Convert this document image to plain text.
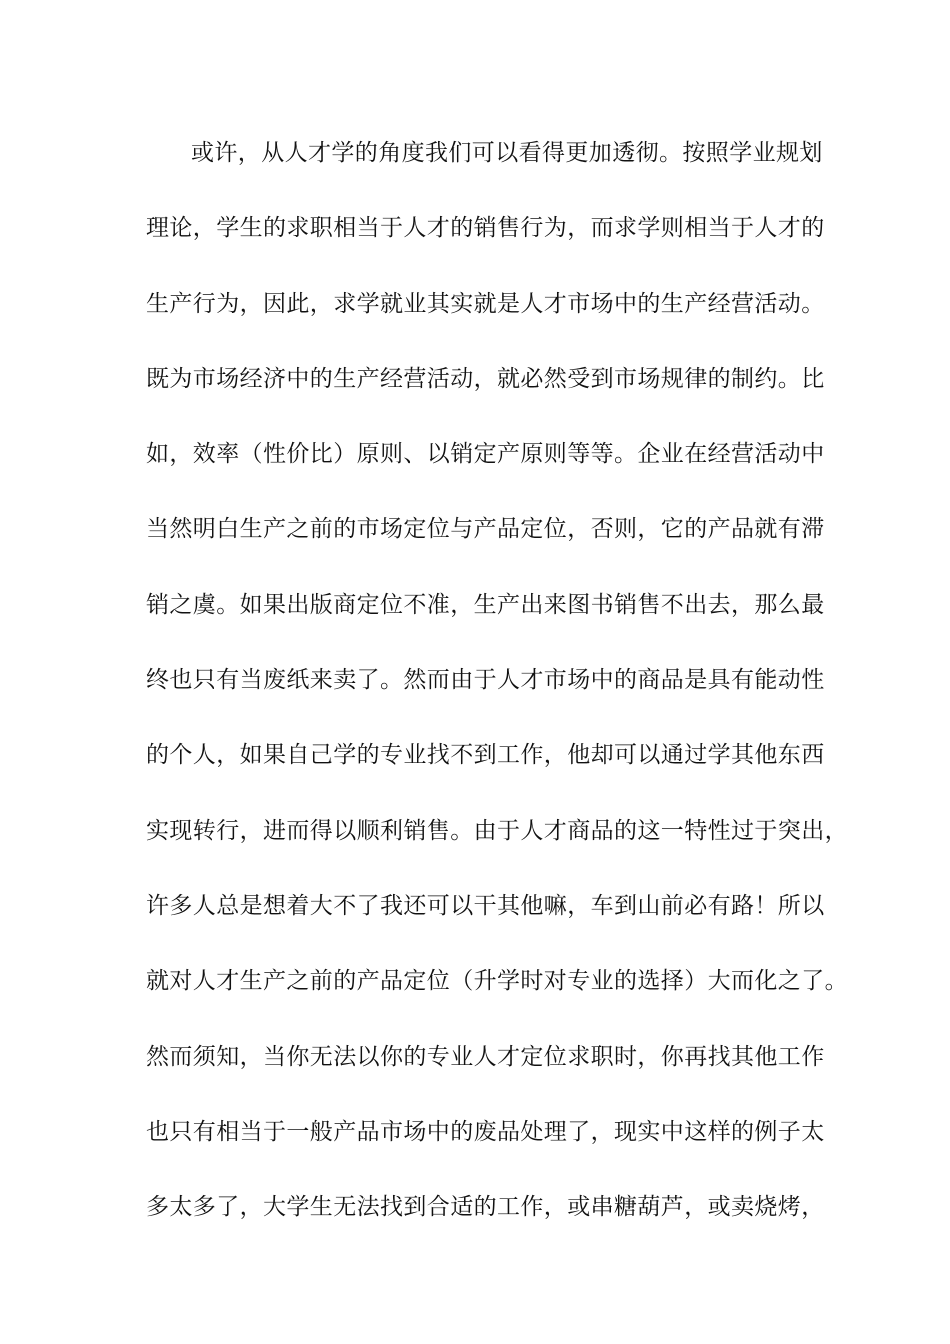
或许，从人才学的角度我们可以看得更加透彻。按照学业规划
理论，学生的求职相当于人才的销售行为，而求学则相当于人才的
生产行为，因此，求学就业其实就是人才市场中的生产经营活动。
既为市场经济中的生产经营活动，就必然受到市场规律的制约。比
如，效率（性价比）原则、以销定产原则等等。企业在经营活动中
当然明白生产之前的市场定位与产品定位，否则，它的产品就有滞
销之虞。如果出版商定位不准，生产出来图书销售不出去，那么最
终也只有当废纸来卖了。然而由于人才市场中的商品是具有能动性
的个人，如果自己学的专业找不到工作，他却可以通过学其他东西
实现转行，进而得以顺利销售。由于人才商品的这一特性过于突出，
许多人总是想着大不了我还可以干其他嘛，车到山前必有路！所以
就对人才生产之前的产品定位（升学时对专业的选择）大而化之了。
然而须知，当你无法以你的专业人才定位求职时，你再找其他工作
也只有相当于一般产品市场中的废品处理了，现实中这样的例子太
多太多了，大学生无法找到合适的工作，或串糖葫芦，或卖烧烤，
